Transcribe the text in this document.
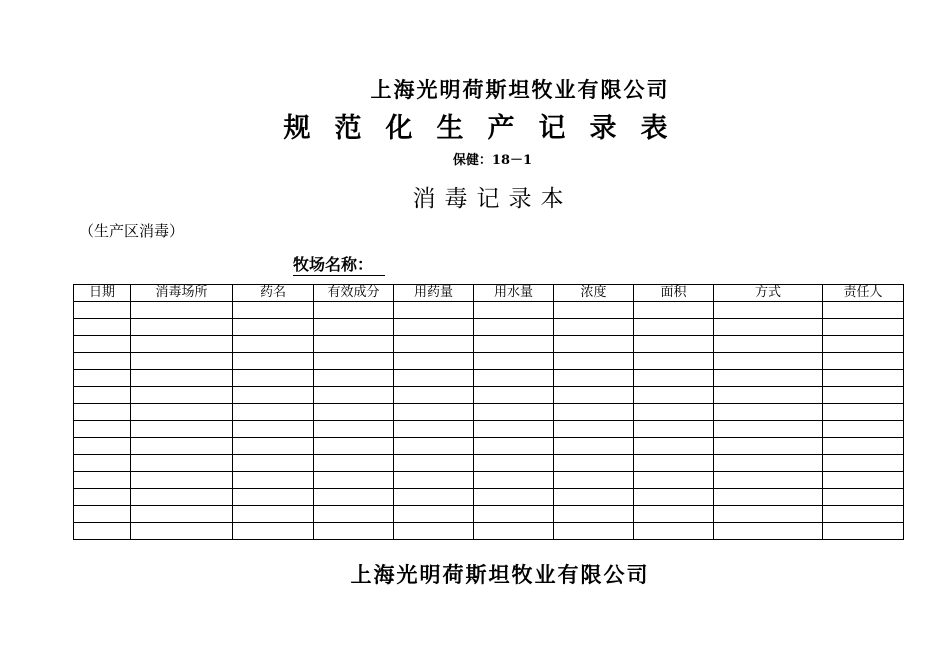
上海光明荷斯坦牧业有限公司
规范化生产记录表
保健：18－1
消毒记录本
（生产区消毒）
牧场名称：
日期	消毒场所	药名	有效成分	用药量	用水量	浓度	面积	方式	责任人

上海光明荷斯坦牧业有限公司
